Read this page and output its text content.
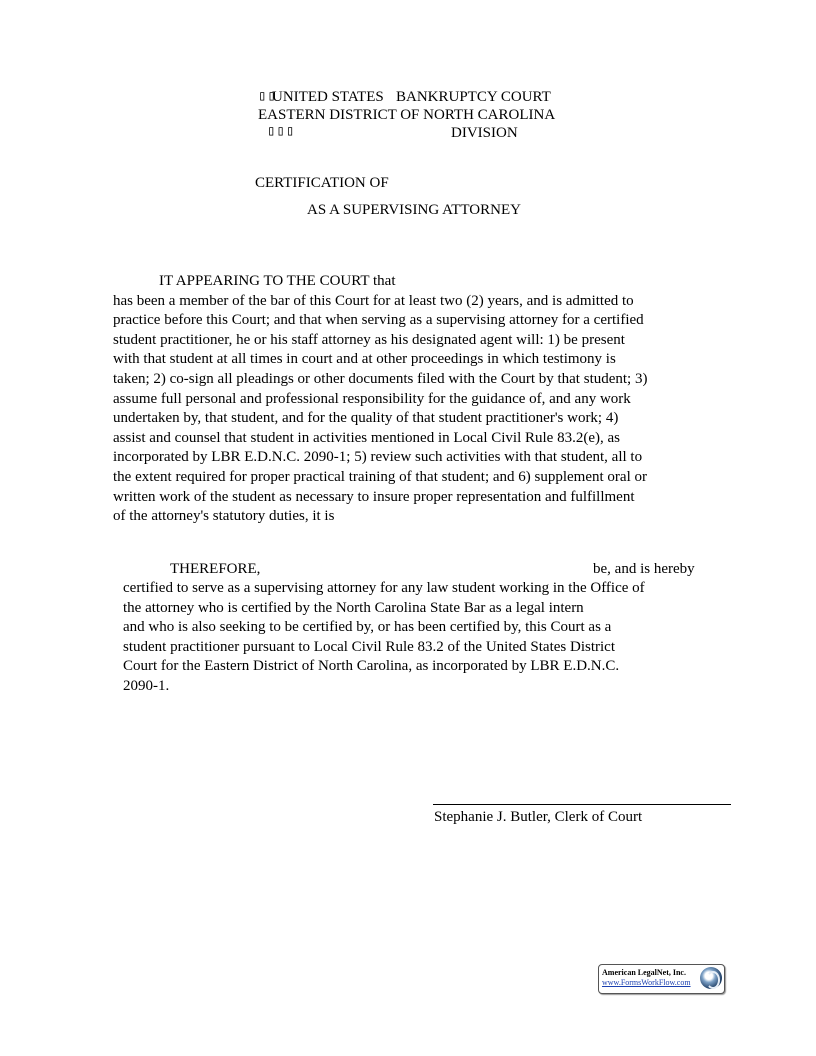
▯▯
UNITED STATES BANKRUPTCY COURT
EASTERN DISTRICT OF NORTH CAROLINA
▯▯▯	DIVISION
CERTIFICATION OF
AS A SUPERVISING ATTORNEY
IT APPEARING TO THE COURT that
has been a member of the bar of this Court for at least two (2) years, and is admitted to
practice before this Court; and that when serving as a supervising attorney for a certified
student practitioner, he or his staff attorney as his designated agent will: 1) be present
with that student at all times in court and at other proceedings in which testimony is
taken; 2) co-sign all pleadings or other documents filed with the Court by that student; 3)
assume full personal and professional responsibility for the guidance of, and any work
undertaken by, that student, and for the quality of that student practitioner's work; 4)
assist and counsel that student in activities mentioned in Local Civil Rule 83.2(e), as
incorporated by LBR E.D.N.C. 2090-1; 5) review such activities with that student, all to
the extent required for proper practical training of that student; and 6) supplement oral or
written work of the student as necessary to insure proper representation and fulfillment
of the attorney's statutory duties, it is
THEREFORE,	be, and is hereby
certified to serve as a supervising attorney for any law student working in the Office of
the attorney who is certified by the North Carolina State Bar as a legal intern
and who is also seeking to be certified by, or has been certified by, this Court as a
student practitioner pursuant to Local Civil Rule 83.2 of the United States District
Court for the Eastern District of North Carolina, as incorporated by LBR E.D.N.C.
2090-1.
Stephanie J. Butler, Clerk of Court
American LegalNet, Inc.
www.FormsWorkFlow.com
